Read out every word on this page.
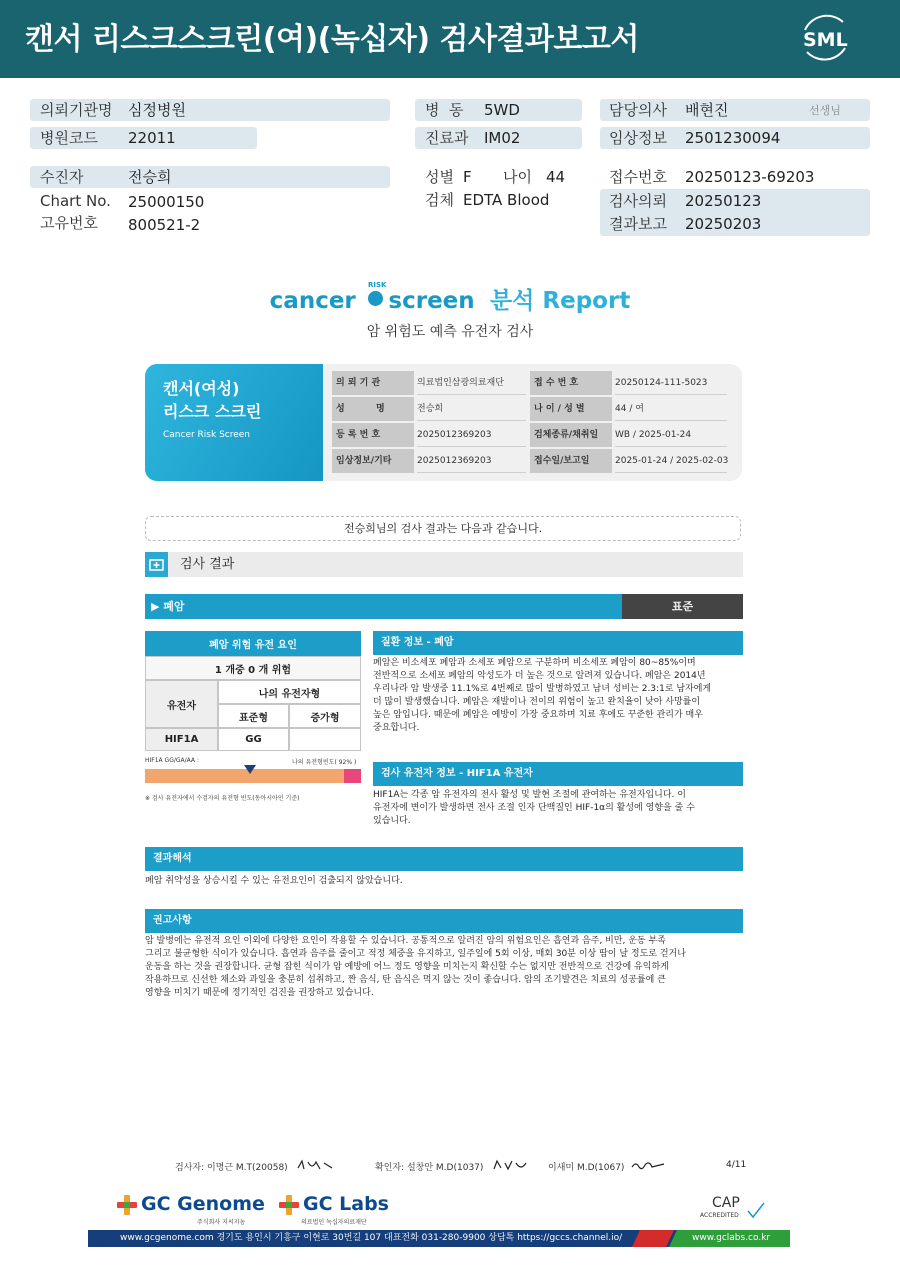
캔서 리스크스크린(여)(녹십자) 검사결과보고서	SML
의뢰기관명 심정병원
병원코드 22011
병  동 5WD
진료과 IM02
담당의사 배현진	선생님
임상정보 2501230094
수진자	전승희
Chart No. 25000150
고유번호 800521-2
성별 F 나이 44
검체 EDTA Blood
접수번호 20250123-69203
검사의뢰 20250123
결과보고 20250203
cancer screen 분석 Report
RISK
암 위험도 예측 유전자 검사
캔서(여성)
리스크 스크린
Cancer Risk Screen
의 뢰 기 관	의료법인삼광의료재단	접 수 번 호	20250124-111-5023
성          명	전승희	나 이 / 성 별	44 / 여
등 록 번 호	2025012369203	검체종류/채취일	WB / 2025-01-24
임상정보/기타	2025012369203	접수일/보고일	2025-01-24 / 2025-02-03
전승희님의 검사 결과는 다음과 같습니다.
검사 결과
▶ 폐암	표준
폐암 위험 유전 요인
1 개중 0 개 위험
유전자
나의 유전자형
표준형	증가형
HIF1A	GG
HIF1A GG/GA/AA :	나의 유전형빈도( 92% )
※ 검사 유전자에서 수검자의 유전형 빈도(동아시아인 기준)
질환 정보 - 폐암
폐암은 비소세포 폐암과 소세포 폐암으로 구분하며 비소세포 폐암이 80~85%이며
전반적으로 소세포 폐암의 악성도가 더 높은 것으로 알려져 있습니다. 폐암은 2014년
우리나라 암 발생중 11.1%로 4번째로 많이 발병하였고 남녀 성비는 2.3:1로 남자에게
더 많이 발생했습니다. 폐암은 재발이나 전이의 위험이 높고 완치율이 낮아 사망률이
높은 암입니다. 때문에 폐암은 예방이 가장 중요하며 치료 후에도 꾸준한 관리가 매우
중요합니다.
검사 유전자 정보 - HIF1A 유전자
HIF1A는 각종 암 유전자의 전사 활성 및 발현 조절에 관여하는 유전자입니다. 이
유전자에 변이가 발생하면 전사 조절 인자 단백질인 HIF-1α의 활성에 영향을 줄 수
있습니다.
결과해석
폐암 취약성을 상승시킬 수 있는 유전요인이 검출되지 않았습니다.
권고사항
암 발병에는 유전적 요인 이외에 다양한 요인이 작용할 수 있습니다. 공통적으로 알려진 암의 위험요인은 흡연과 음주, 비만, 운동 부족
그리고 불균형한 식이가 있습니다. 흡연과 음주를 줄이고 적정 체중을 유지하고, 일주일에 5회 이상, 매회 30분 이상 땀이 날 정도로 걷거나
운동을 하는 것을 권장합니다. 균형 잡힌 식이가 암 예방에 어느 정도 영향을 미치는지 확신할 수는 없지만 전반적으로 건강에 유익하게
작용하므로 신선한 채소와 과일을 충분히 섭취하고, 짠 음식, 탄 음식은 먹지 않는 것이 좋습니다. 암의 조기발견은 치료의 성공률에 큰
영향을 미치기 때문에 정기적인 검진을 권장하고 있습니다.
검사자: 이명근 M.T(20058)	확인자: 설창안 M.D(1037)	이새미 M.D(1067)	4/11
GC Genome
주식회사 지씨지놈
GC Labs
의료법인 녹십자의료재단
CAP
ACCREDITED
www.gcgenome.com 경기도 용인시 기흥구 이현로 30번길 107 대표전화 031-280-9900 상담톡 https://gccs.channel.io/	www.gclabs.co.kr
